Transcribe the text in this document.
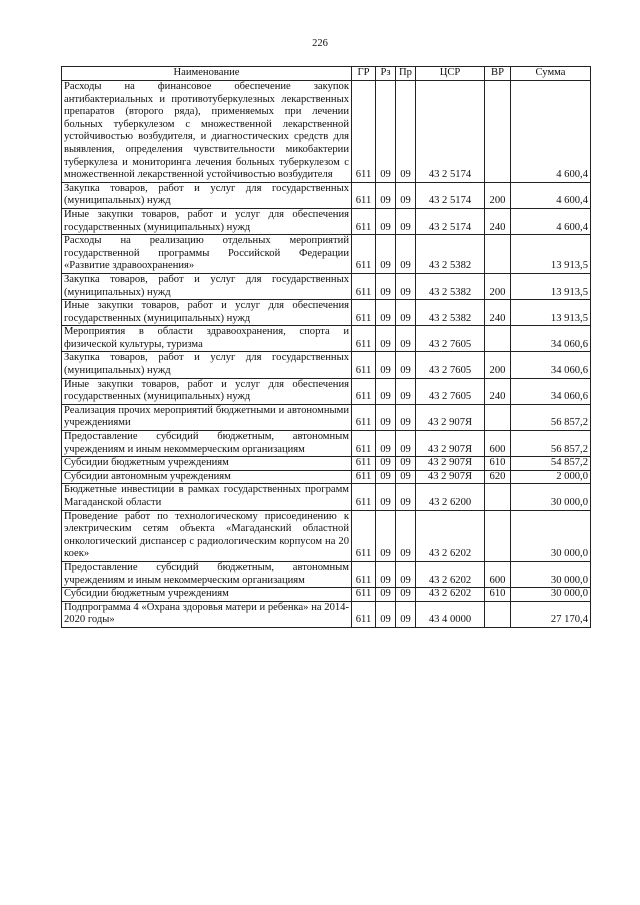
226
Наименование	ГР	Рз	Пр	ЦСР	ВР	Сумма
Расходы на финансовое обеспечение закупок антибактериальных и противотуберкулезных лекарственных препаратов (второго ряда), применяемых при лечении больных туберкулезом с множественной лекарственной устойчивостью возбудителя, и диагностических средств для выявления, определения чувствительности микобактерии туберкулеза и мониторинга лечения больных туберкулезом с множественной лекарственной устойчивостью возбудителя	611	09	09	43 2 5174		4 600,4
Закупка товаров, работ и услуг для государственных (муниципальных) нужд	611	09	09	43 2 5174	200	4 600,4
Иные закупки товаров, работ и услуг для обеспечения государственных (муниципальных) нужд	611	09	09	43 2 5174	240	4 600,4
Расходы на реализацию отдельных мероприятий государственной программы Российской Федерации «Развитие здравоохранения»	611	09	09	43 2 5382		13 913,5
Закупка товаров, работ и услуг для государственных (муниципальных) нужд	611	09	09	43 2 5382	200	13 913,5
Иные закупки товаров, работ и услуг для обеспечения государственных (муниципальных) нужд	611	09	09	43 2 5382	240	13 913,5
Мероприятия в области здравоохранения, спорта и физической культуры, туризма	611	09	09	43 2 7605		34 060,6
Закупка товаров, работ и услуг для государственных (муниципальных) нужд	611	09	09	43 2 7605	200	34 060,6
Иные закупки товаров, работ и услуг для обеспечения государственных (муниципальных) нужд	611	09	09	43 2 7605	240	34 060,6
Реализация прочих мероприятий бюджетными и автономными учреждениями	611	09	09	43 2 907Я		56 857,2
Предоставление субсидий бюджетным, автономным учреждениям и иным некоммерческим организациям	611	09	09	43 2 907Я	600	56 857,2
Субсидии бюджетным учреждениям	611	09	09	43 2 907Я	610	54 857,2
Субсидии автономным учреждениям	611	09	09	43 2 907Я	620	2 000,0
Бюджетные инвестиции в рамках государственных программ Магаданской области	611	09	09	43 2 6200		30 000,0
Проведение работ по технологическому присоединению к электрическим сетям объекта «Магаданский областной онкологический диспансер с радиологическим корпусом на 20 коек»	611	09	09	43 2 6202		30 000,0
Предоставление субсидий бюджетным, автономным учреждениям и иным некоммерческим организациям	611	09	09	43 2 6202	600	30 000,0
Субсидии бюджетным учреждениям	611	09	09	43 2 6202	610	30 000,0
Подпрограмма 4 «Охрана здоровья матери и ребенка» на 2014-2020 годы»	611	09	09	43 4 0000		27 170,4
